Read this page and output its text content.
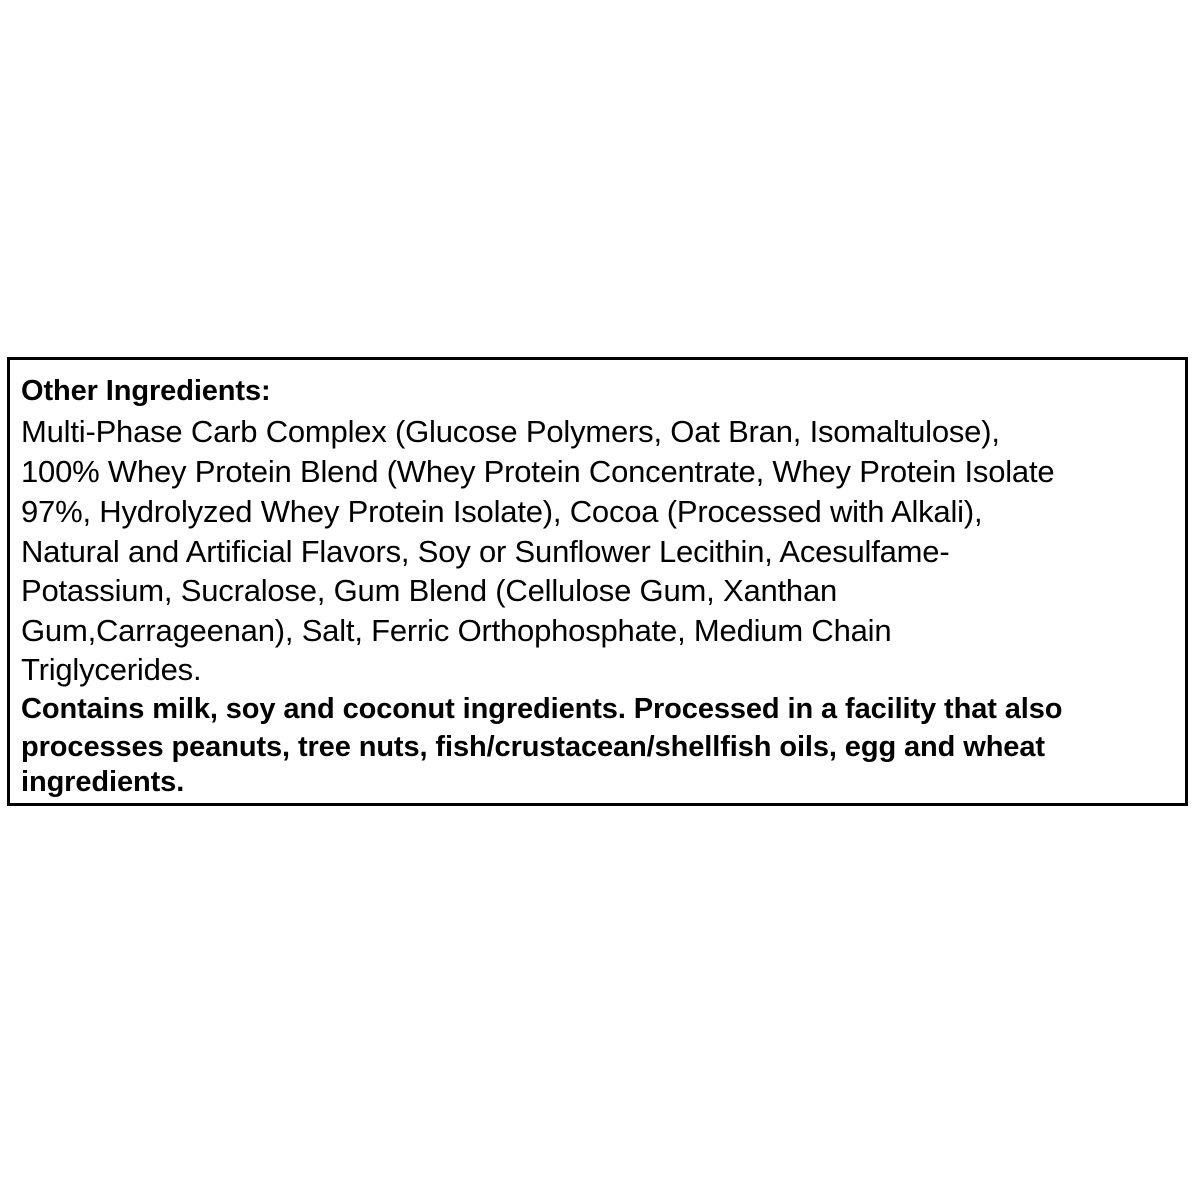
Other Ingredients:
Multi-Phase Carb Complex (Glucose Polymers, Oat Bran, Isomaltulose),
100% Whey Protein Blend (Whey Protein Concentrate, Whey Protein Isolate
97%, Hydrolyzed Whey Protein Isolate), Cocoa (Processed with Alkali),
Natural and Artificial Flavors, Soy or Sunflower Lecithin, Acesulfame-
Potassium, Sucralose, Gum Blend (Cellulose Gum, Xanthan
Gum,Carrageenan), Salt, Ferric Orthophosphate, Medium Chain
Triglycerides.
Contains milk, soy and coconut ingredients. Processed in a facility that also
processes peanuts, tree nuts, fish/crustacean/shellfish oils, egg and wheat
ingredients.
